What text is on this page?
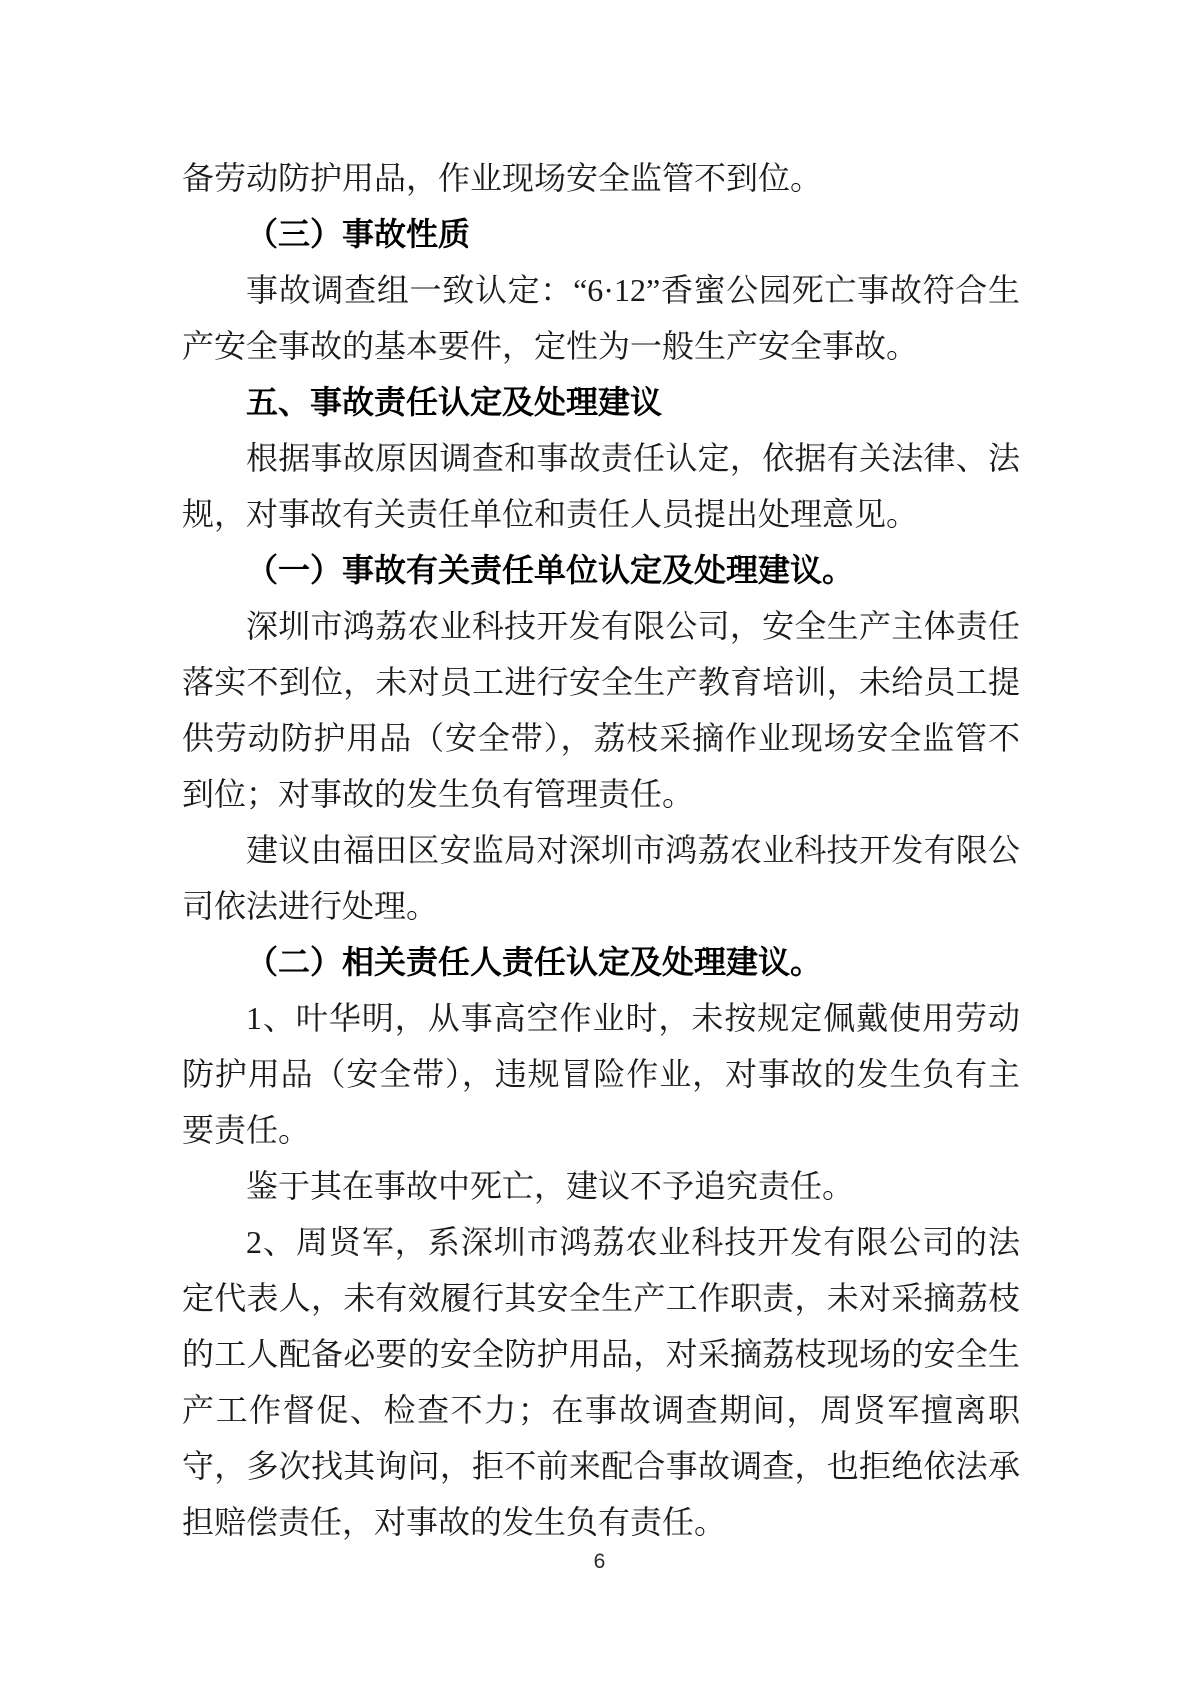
备劳动防护用品，作业现场安全监管不到位。

（三）事故性质

事故调查组一致认定：“6·12”香蜜公园死亡事故符合生产安全事故的基本要件，定性为一般生产安全事故。

五、事故责任认定及处理建议

根据事故原因调查和事故责任认定，依据有关法律、法规，对事故有关责任单位和责任人员提出处理意见。

（一）事故有关责任单位认定及处理建议。

深圳市鸿荔农业科技开发有限公司，安全生产主体责任落实不到位，未对员工进行安全生产教育培训，未给员工提供劳动防护用品（安全带），荔枝采摘作业现场安全监管不到位；对事故的发生负有管理责任。

建议由福田区安监局对深圳市鸿荔农业科技开发有限公司依法进行处理。

（二）相关责任人责任认定及处理建议。

1、叶华明，从事高空作业时，未按规定佩戴使用劳动防护用品（安全带），违规冒险作业，对事故的发生负有主要责任。

鉴于其在事故中死亡，建议不予追究责任。

2、周贤军，系深圳市鸿荔农业科技开发有限公司的法定代表人，未有效履行其安全生产工作职责，未对采摘荔枝的工人配备必要的安全防护用品，对采摘荔枝现场的安全生产工作督促、检查不力；在事故调查期间，周贤军擅离职守，多次找其询问，拒不前来配合事故调查，也拒绝依法承担赔偿责任，对事故的发生负有责任。

6
